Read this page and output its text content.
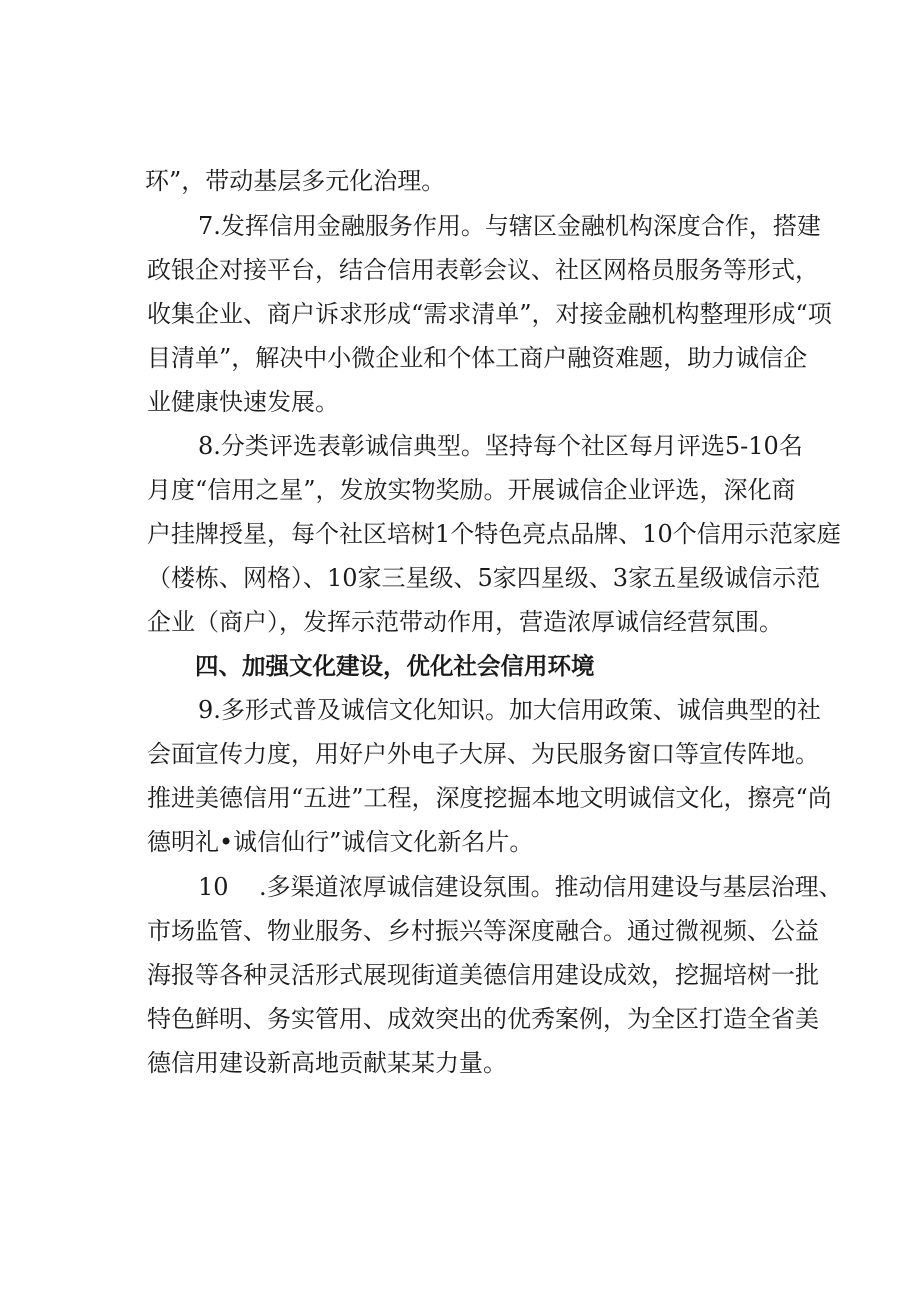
环”，带动基层多元化治理。
7.发挥信用金融服务作用。与辖区金融机构深度合作，搭建
政银企对接平台，结合信用表彰会议、社区网格员服务等形式，
收集企业、商户诉求形成“需求清单”，对接金融机构整理形成“项
目清单”，解决中小微企业和个体工商户融资难题，助力诚信企
业健康快速发展。
8.分类评选表彰诚信典型。坚持每个社区每月评选5-10名
月度“信用之星”，发放实物奖励。开展诚信企业评选，深化商
户挂牌授星，每个社区培树1个特色亮点品牌、10个信用示范家庭
（楼栋、网格）、10家三星级、5家四星级、3家五星级诚信示范
企业（商户），发挥示范带动作用，营造浓厚诚信经营氛围。
四、加强文化建设，优化社会信用环境
9.多形式普及诚信文化知识。加大信用政策、诚信典型的社
会面宣传力度，用好户外电子大屏、为民服务窗口等宣传阵地。
推进美德信用“五进”工程，深度挖掘本地文明诚信文化，擦亮“尚
德明礼•诚信仙行”诚信文化新名片。
10    .多渠道浓厚诚信建设氛围。推动信用建设与基层治理、
市场监管、物业服务、乡村振兴等深度融合。通过微视频、公益
海报等各种灵活形式展现街道美德信用建设成效，挖掘培树一批
特色鲜明、务实管用、成效突出的优秀案例，为全区打造全省美
德信用建设新高地贡献某某力量。
